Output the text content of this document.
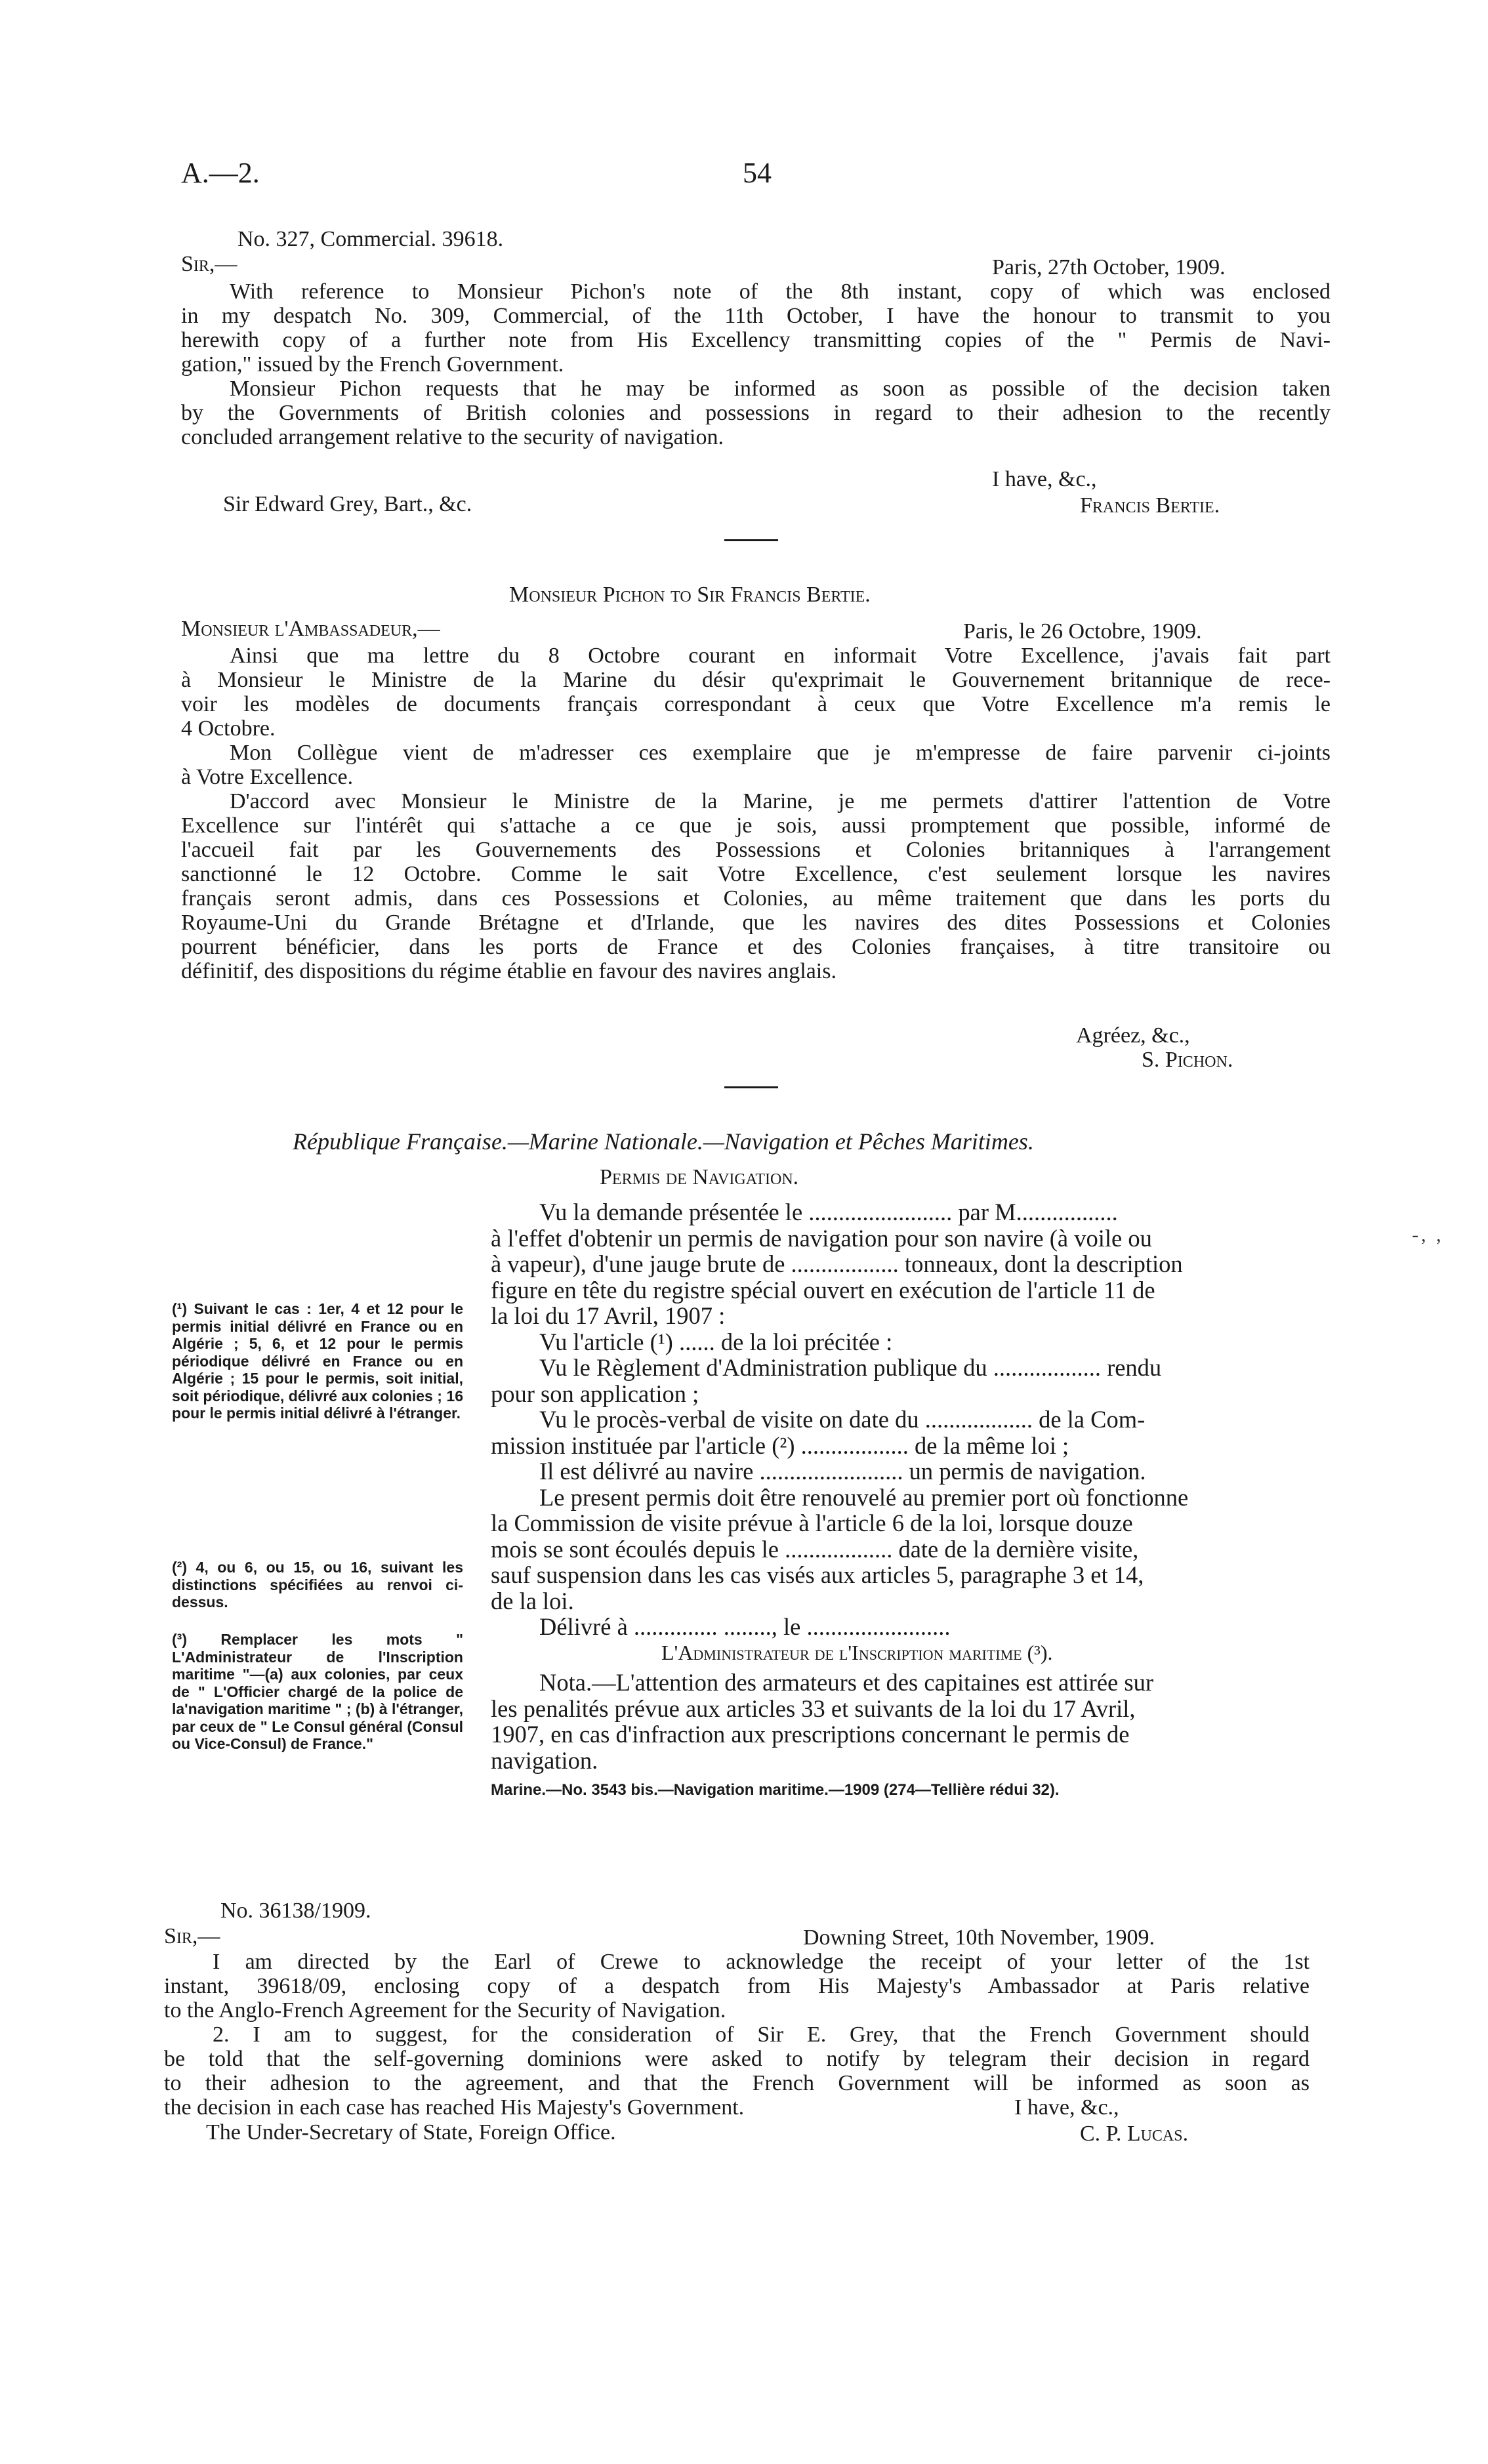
A.—2.	54
No. 327, Commercial. 39618.
Sir,—	Paris, 27th October, 1909.
With reference to Monsieur Pichon's note of the 8th instant, copy of which was enclosed
in my despatch No. 309, Commercial, of the 11th October, I have the honour to transmit to you
herewith copy of a further note from His Excellency transmitting copies of the " Permis de Navi-
gation," issued by the French Government.
Monsieur Pichon requests that he may be informed as soon as possible of the decision taken
by the Governments of British colonies and possessions in regard to their adhesion to the recently
concluded arrangement relative to the security of navigation.
I have, &c.,
Sir Edward Grey, Bart., &c.	Francis Bertie.
Monsieur Pichon to Sir Francis Bertie.
Monsieur l'Ambassadeur,—	Paris, le 26 Octobre, 1909.
Ainsi que ma lettre du 8 Octobre courant en informait Votre Excellence, j'avais fait part
à Monsieur le Ministre de la Marine du désir qu'exprimait le Gouvernement britannique de rece-
voir les modèles de documents français correspondant à ceux que Votre Excellence m'a remis le
4 Octobre.
Mon Collègue vient de m'adresser ces exemplaire que je m'empresse de faire parvenir ci-joints
à Votre Excellence.
D'accord avec Monsieur le Ministre de la Marine, je me permets d'attirer l'attention de Votre
Excellence sur l'intérêt qui s'attache a ce que je sois, aussi promptement que possible, informé de
l'accueil fait par les Gouvernements des Possessions et Colonies britanniques à l'arrangement
sanctionné le 12 Octobre. Comme le sait Votre Excellence, c'est seulement lorsque les navires
français seront admis, dans ces Possessions et Colonies, au même traitement que dans les ports du
Royaume-Uni du Grande Brétagne et d'Irlande, que les navires des dites Possessions et Colonies
pourrent bénéficier, dans les ports de France et des Colonies françaises, à titre transitoire ou
définitif, des dispositions du régime établie en favour des navires anglais.
Agréez, &c.,
S. Pichon.
République Française.—Marine Nationale.—Navigation et Pêches Maritimes.
Permis de Navigation.
Vu la demande présentée le ........................ par M.................
à l'effet d'obtenir un permis de navigation pour son navire (à voile ou
à vapeur), d'une jauge brute de .................. tonneaux, dont la description
figure en tête du registre spécial ouvert en exécution de l'article 11 de
la loi du 17 Avril, 1907 :
Vu l'article (¹) ...... de la loi précitée :
Vu le Règlement d'Administration publique du .................. rendu
pour son application ;
Vu le procès-verbal de visite on date du .................. de la Com-
mission instituée par l'article (²) .................. de la même loi ;
Il est délivré au navire ........................ un permis de navigation.
Le present permis doit être renouvelé au premier port où fonctionne
la Commission de visite prévue à l'article 6 de la loi, lorsque douze
mois se sont écoulés depuis le .................. date de la dernière visite,
sauf suspension dans les cas visés aux articles 5, paragraphe 3 et 14,
de la loi.
Délivré à .............. ........, le ........................
L'Administrateur de l'Inscription maritime (³).
Nota.—L'attention des armateurs et des capitaines est attirée sur
les penalités prévue aux articles 33 et suivants de la loi du 17 Avril,
1907, en cas d'infraction aux prescriptions concernant le permis de
navigation.
Marine.—No. 3543 bis.—Navigation maritime.—1909 (274—Tellière rédui 32).
(¹) Suivant le cas : 1er, 4 et 12 pour le permis initial délivré en France ou en Algérie ; 5, 6, et 12 pour le permis périodique délivré en France ou en Algérie ; 15 pour le permis, soit initial, soit périodique, délivré aux colonies ; 16 pour le permis initial délivré à l'étranger.
(²) 4, ou 6, ou 15, ou 16, suivant les distinctions spécifiées au renvoi ci-dessus.
(³) Remplacer les mots " L'Administrateur de l'Inscription maritime "—(a) aux colonies, par ceux de " L'Officier chargé de la police de la'navigation maritime " ; (b) à l'étranger, par ceux de " Le Consul général (Consul ou Vice-Consul) de France."
-, ,
No. 36138/1909.
Sir,—	Downing Street, 10th November, 1909.
I am directed by the Earl of Crewe to acknowledge the receipt of your letter of the 1st
instant, 39618/09, enclosing copy of a despatch from His Majesty's Ambassador at Paris relative
to the Anglo-French Agreement for the Security of Navigation.
2. I am to suggest, for the consideration of Sir E. Grey, that the French Government should
be told that the self-governing dominions were asked to notify by telegram their decision in regard
to their adhesion to the agreement, and that the French Government will be informed as soon as
the decision in each case has reached His Majesty's Government.	I have, &c.,
The Under-Secretary of State, Foreign Office.	C. P. Lucas.
